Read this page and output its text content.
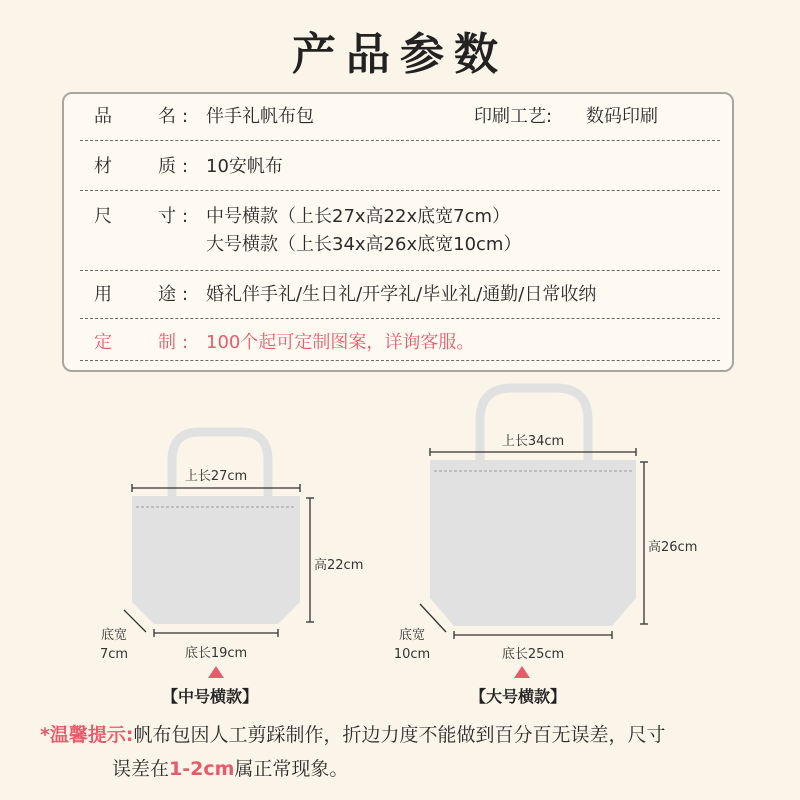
产品参数
品	名 : 伴手礼帆布包	印刷工艺: 数码印刷
材	质 : 10安帆布
尺	寸 : 中号横款（上长27x高22x底宽7cm）
大号横款（上长34x高26x底宽10cm）
用	途 : 婚礼伴手礼/生日礼/开学礼/毕业礼/通勤/日常收纳
定	制 : 100个起可定制图案，详询客服。
上长27cm
高22cm
底长19cm
底宽
7cm
上长34cm
高26cm
底长25cm
底宽
10cm
【中号横款】	【大号横款】
*温馨提示:帆布包因人工剪踩制作，折边力度不能做到百分百无误差，尺寸
误差在1-2cm属正常现象。
